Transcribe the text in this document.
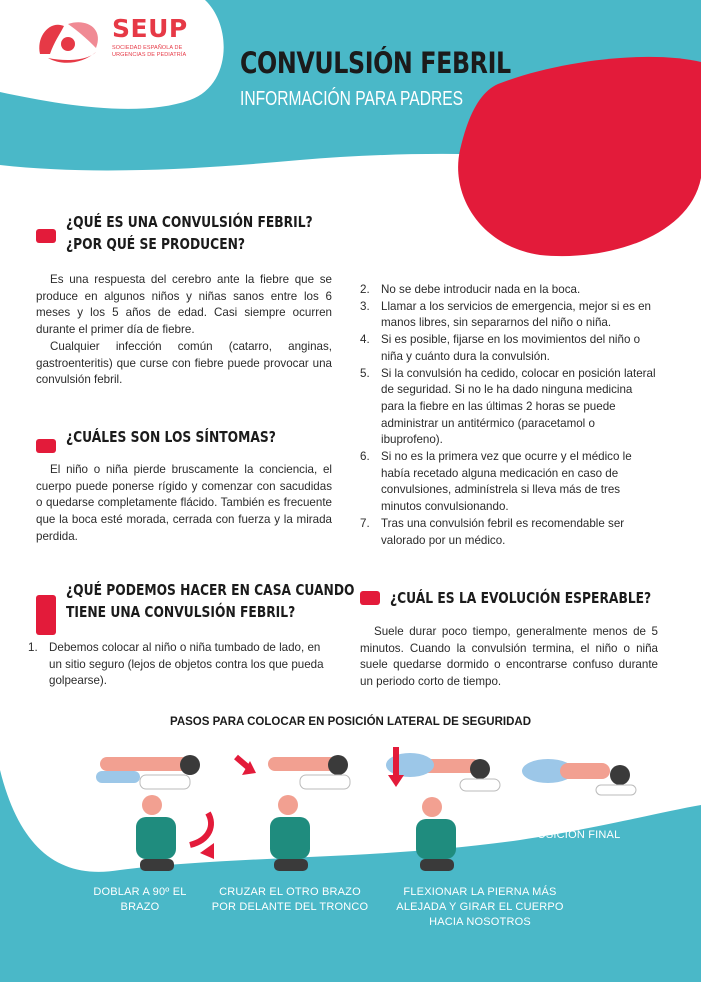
SEUP
SOCIEDAD ESPAÑOLA DE
URGENCIAS DE PEDIATRÍA CONVULSIÓN FEBRIL
INFORMACIÓN PARA PADRES
¿QUÉ ES UNA CONVULSIÓN FEBRIL?
¿POR QUÉ SE PRODUCEN?

Es una respuesta del cerebro ante la fiebre que se produce en algunos niños y niñas sanos entre los 6 meses y los 5 años de edad. Casi siempre ocurren durante el primer día de fiebre.

Cualquier infección común (catarro, anginas, gastroenteritis) que curse con fiebre puede provocar una convulsión febril.

¿CUÁLES SON LOS SÍNTOMAS?

El niño o niña pierde bruscamente la conciencia, el cuerpo puede ponerse rígido y comenzar con sacudidas o quedarse completamente flácido. También es frecuente que la boca esté morada, cerrada con fuerza y la mirada perdida.

¿QUÉ PODEMOS HACER EN CASA CUANDO
TIENE UNA CONVULSIÓN FEBRIL?
1. Debemos colocar al niño o niña tumbado de lado, en un sitio seguro (lejos de objetos contra los que pueda golpearse).
2. No se debe introducir nada en la boca.
3. Llamar a los servicios de emergencia, mejor si es en manos libres, sin separarnos del niño o niña.
4. Si es posible, fijarse en los movimientos del niño o niña y cuánto dura la convulsión.
5. Si la convulsión ha cedido, colocar en posición lateral de seguridad. Si no le ha dado ninguna medicina para la fiebre en las últimas 2 horas se puede administrar un antitérmico (paracetamol o ibuprofeno).
6. Si no es la primera vez que ocurre y el médico le había recetado alguna medicación en caso de convulsiones, adminístrela si lleva más de tres minutos convulsionando.
7. Tras una convulsión febril es recomendable ser valorado por un médico.
¿CUÁL ES LA EVOLUCIÓN ESPERABLE?

Suele durar poco tiempo, generalmente menos de 5 minutos. Cuando la convulsión termina, el niño o niña suele quedarse dormido o encontrarse confuso durante un periodo corto de tiempo.

PASOS PARA COLOCAR EN POSICIÓN LATERAL DE SEGURIDAD
DOBLAR A 90º EL
BRAZO
CRUZAR EL OTRO BRAZO
POR DELANTE DEL TRONCO
FLEXIONAR LA PIERNA MÁS
ALEJADA Y GIRAR EL CUERPO
HACIA NOSOTROS
POSICIÓN FINAL
